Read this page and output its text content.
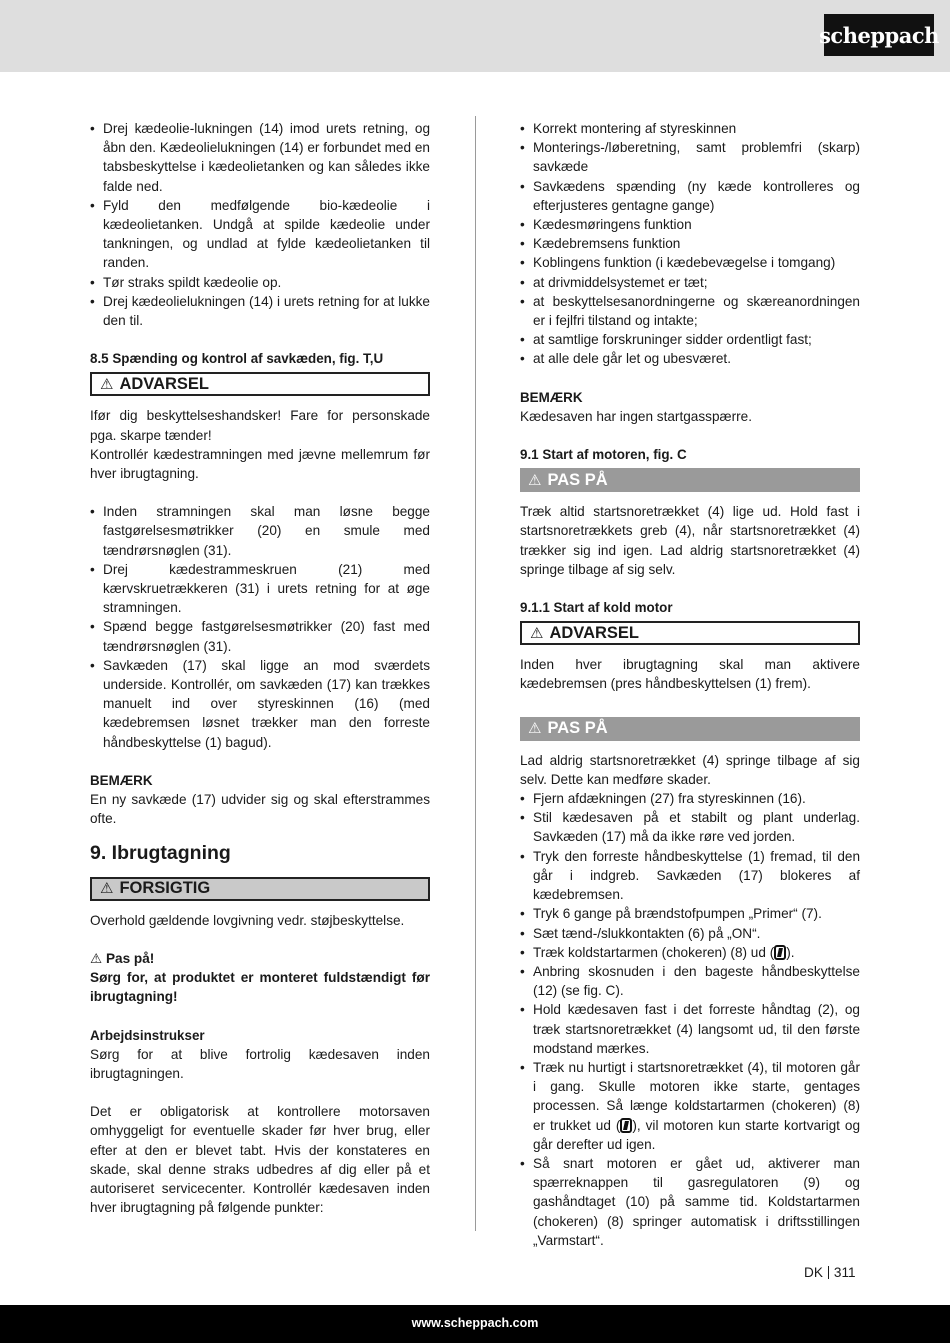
scheppach
• Drej kædeolie-lukningen (14) imod urets retning, og åbn den. Kædeolielukningen (14) er forbundet med en tabsbeskyttelse i kædeolietanken og kan således ikke falde ned.
• Fyld den medfølgende bio-kædeolie i kædeolietanken. Undgå at spilde kædeolie under tankningen, og undlad at fylde kædeolietanken til randen.
• Tør straks spildt kædeolie op.
• Drej kædeolielukningen (14) i urets retning for at lukke den til.

8.5 Spænding og kontrol af savkæden, fig. T,U

⚠ ADVARSEL

Ifør dig beskyttelseshandsker! Fare for personskade pga. skarpe tænder!

Kontrollér kædestramningen med jævne mellemrum før hver ibrugtagning.

• Inden stramningen skal man løsne begge fastgørelsesmøtrikker (20) en smule med tændrørsnøglen (31).
• Drej kædestrammeskruen (21) med kærvskruetrækkeren (31) i urets retning for at øge stramningen.
• Spænd begge fastgørelsesmøtrikker (20) fast med tændrørsnøglen (31).
• Savkæden (17) skal ligge an mod sværdets underside. Kontrollér, om savkæden (17) kan trækkes manuelt ind over styreskinnen (16) (med kædebremsen løsnet trækker man den forreste håndbeskyttelse (1) bagud).

BEMÆRK

En ny savkæde (17) udvider sig og skal efterstrammes ofte.

9. Ibrugtagning

⚠ FORSIGTIG

Overhold gældende lovgivning vedr. støjbeskyttelse.

⚠ Pas på!

Sørg for, at produktet er monteret fuldstændigt før ibrugtagning!

Arbejdsinstrukser

Sørg for at blive fortrolig kædesaven inden ibrugtagningen.

Det er obligatorisk at kontrollere motorsaven omhyggeligt for eventuelle skader før hver brug, eller efter at den er blevet tabt. Hvis der konstateres en skade, skal denne straks udbedres af dig eller på et autoriseret servicecenter. Kontrollér kædesaven inden hver ibrugtagning på følgende punkter:

• Korrekt montering af styreskinnen
• Monterings-/løberetning, samt problemfri (skarp) savkæde
• Savkædens spænding (ny kæde kontrolleres og efterjusteres gentagne gange)
• Kædesmøringens funktion
• Kædebremsens funktion
• Koblingens funktion (i kædebevægelse i tomgang)
• at drivmiddelsystemet er tæt;
• at beskyttelsesanordningerne og skæreanordningen er i fejlfri tilstand og intakte;
• at samtlige forskruninger sidder ordentligt fast;
• at alle dele går let og ubesværet.

BEMÆRK

Kædesaven har ingen startgasspærre.

9.1 Start af motoren, fig. C

⚠ PAS PÅ

Træk altid startsnoretrækket (4) lige ud. Hold fast i startsnoretrækkets greb (4), når startsnoretrækket (4) trækker sig ind igen. Lad aldrig startsnoretrækket (4) springe tilbage af sig selv.

9.1.1 Start af kold motor

⚠ ADVARSEL

Inden hver ibrugtagning skal man aktivere kædebremsen (pres håndbeskyttelsen (1) frem).

⚠ PAS PÅ

Lad aldrig startsnoretrækket (4) springe tilbage af sig selv. Dette kan medføre skader.

• Fjern afdækningen (27) fra styreskinnen (16).
• Stil kædesaven på et stabilt og plant underlag. Savkæden (17) må da ikke røre ved jorden.
• Tryk den forreste håndbeskyttelse (1) fremad, til den går i indgreb. Savkæden (17) blokeres af kædebremsen.
• Tryk 6 gange på brændstofpumpen „Primer“ (7).
• Sæt tænd-/slukkontakten (6) på „ON“.
• Træk koldstartarmen (chokeren) (8) ud ( ).
• Anbring skosnuden i den bageste håndbeskyttelse (12) (se fig. C).
• Hold kædesaven fast i det forreste håndtag (2), og træk startsnoretrækket (4) langsomt ud, til den første modstand mærkes.
• Træk nu hurtigt i startsnoretrækket (4), til motoren går i gang. Skulle motoren ikke starte, gentages processen. Så længe koldstartarmen (chokeren) (8) er trukket ud ( ), vil motoren kun starte kortvarigt og går derefter ud igen.
• Så snart motoren er gået ud, aktiverer man spærreknappen til gasregulatoren (9) og gashåndtaget (10) på samme tid. Koldstartarmen (chokeren) (8) springer automatisk i driftsstillingen „Varmstart“.
DK 311
www.scheppach.com
